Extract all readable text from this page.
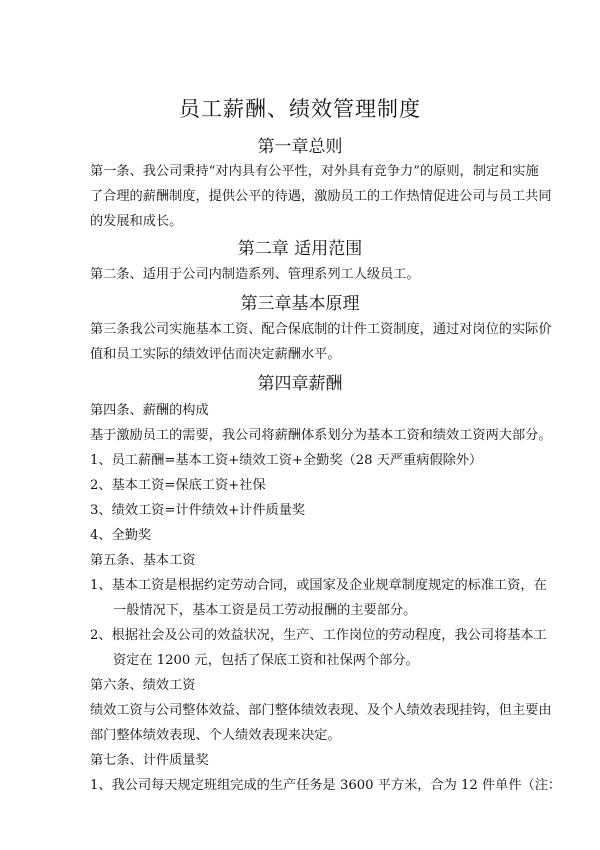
员工薪酬、绩效管理制度
第一章总则
第一条、我公司秉持“对内具有公平性，对外具有竞争力”的原则，制定和实施
了合理的薪酬制度，提供公平的待遇，激励员工的工作热情促进公司与员工共同
的发展和成长。
第二章 适用范围
第二条、适用于公司内制造系列、管理系列工人级员工。
第三章基本原理
第三条我公司实施基本工资、配合保底制的计件工资制度，通过对岗位的实际价
值和员工实际的绩效评估而决定薪酬水平。
第四章薪酬
第四条、薪酬的构成
基于激励员工的需要，我公司将薪酬体系划分为基本工资和绩效工资两大部分。
1、员工薪酬=基本工资+绩效工资+全勤奖（28 天严重病假除外）
2、基本工资=保底工资+社保
3、绩效工资=计件绩效+计件质量奖
4、全勤奖
第五条、基本工资
1、基本工资是根据约定劳动合同，或国家及企业规章制度规定的标准工资，在
一般情况下，基本工资是员工劳动报酬的主要部分。
2、根据社会及公司的效益状况，生产、工作岗位的劳动程度，我公司将基本工
资定在 1200 元，包括了保底工资和社保两个部分。
第六条、绩效工资
绩效工资与公司整体效益、部门整体绩效表现、及个人绩效表现挂钩，但主要由
部门整体绩效表现、个人绩效表现来决定。
第七条、计件质量奖
1、我公司每天规定班组完成的生产任务是 3600 平方米，合为 12 件单件（注：
